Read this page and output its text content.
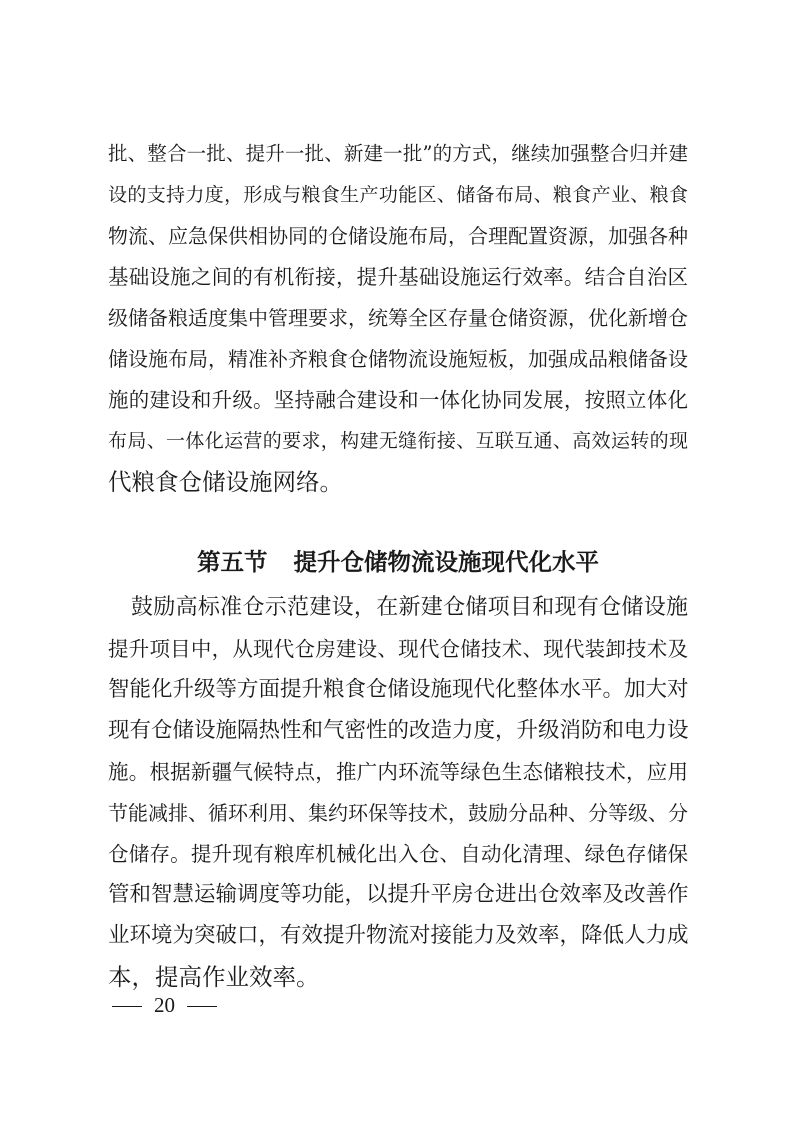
批、整合一批、提升一批、新建一批”的方式，继续加强整合归并建
设的支持力度，形成与粮食生产功能区、储备布局、粮食产业、粮食
物流、应急保供相协同的仓储设施布局，合理配置资源，加强各种
基础设施之间的有机衔接，提升基础设施运行效率。结合自治区
级储备粮适度集中管理要求，统筹全区存量仓储资源，优化新增仓
储设施布局，精准补齐粮食仓储物流设施短板，加强成品粮储备设
施的建设和升级。坚持融合建设和一体化协同发展，按照立体化
布局、一体化运营的要求，构建无缝衔接、互联互通、高效运转的现
代粮食仓储设施网络。
第五节 提升仓储物流设施现代化水平
鼓励高标准仓示范建设，在新建仓储项目和现有仓储设施
提升项目中，从现代仓房建设、现代仓储技术、现代装卸技术及
智能化升级等方面提升粮食仓储设施现代化整体水平。加大对
现有仓储设施隔热性和气密性的改造力度，升级消防和电力设
施。根据新疆气候特点，推广内环流等绿色生态储粮技术，应用
节能减排、循环利用、集约环保等技术，鼓励分品种、分等级、分
仓储存。提升现有粮库机械化出入仓、自动化清理、绿色存储保
管和智慧运输调度等功能，以提升平房仓进出仓效率及改善作
业环境为突破口，有效提升物流对接能力及效率，降低人力成
本，提高作业效率。
20
